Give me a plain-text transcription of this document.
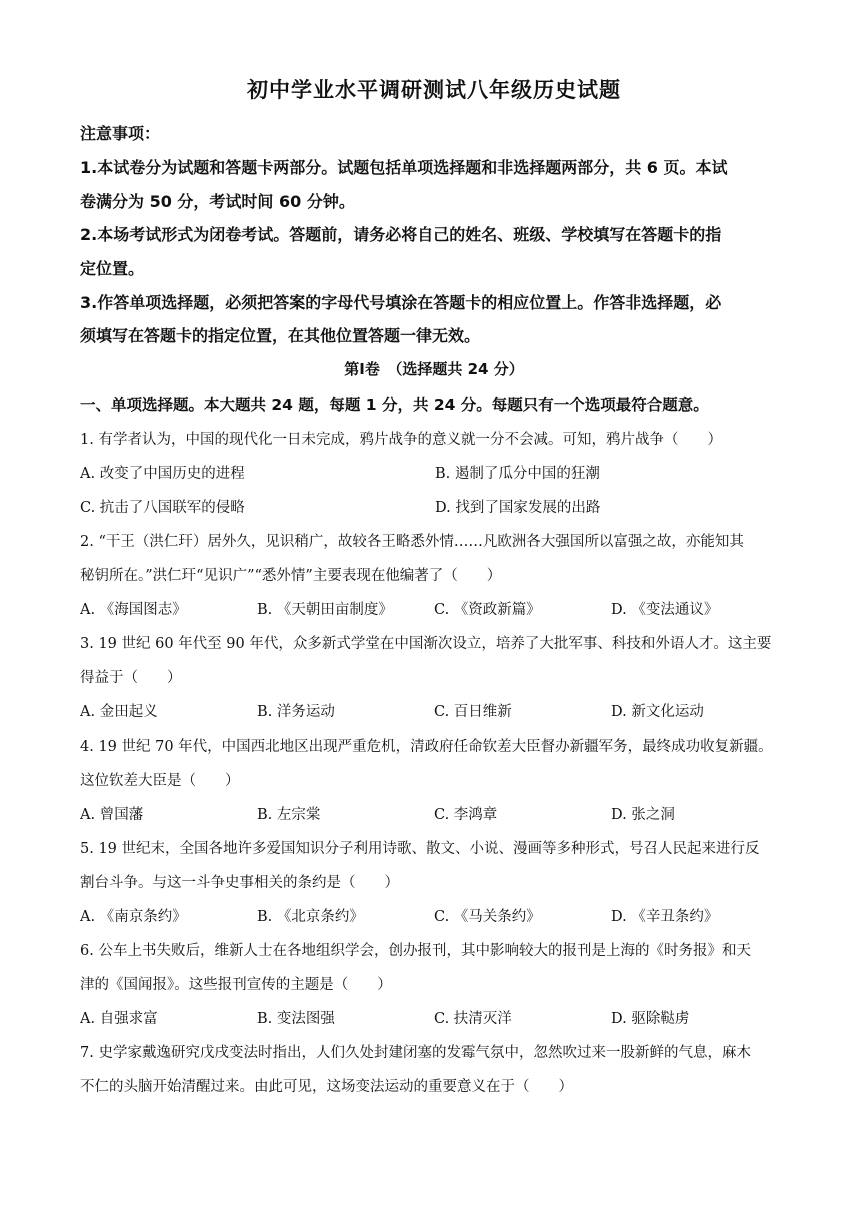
初中学业水平调研测试八年级历史试题
注意事项：
1.本试卷分为试题和答题卡两部分。试题包括单项选择题和非选择题两部分，共 6 页。本试
卷满分为 50 分，考试时间 60 分钟。
2.本场考试形式为闭卷考试。答题前，请务必将自己的姓名、班级、学校填写在答题卡的指
定位置。
3.作答单项选择题，必须把答案的字母代号填涂在答题卡的相应位置上。作答非选择题，必
须填写在答题卡的指定位置，在其他位置答题一律无效。
第Ⅰ卷　（选择题共 24 分）
一、单项选择题。本大题共 24 题，每题 1 分，共 24 分。每题只有一个选项最符合题意。
1. 有学者认为，中国的现代化一日未完成，鸦片战争的意义就一分不会减。可知，鸦片战争（　　）
A. 改变了中国历史的进程	B. 遏制了瓜分中国的狂潮
C. 抗击了八国联军的侵略	D. 找到了国家发展的出路
2. “干王（洪仁玕）居外久，见识稍广，故较各王略悉外情……凡欧洲各大强国所以富强之故，亦能知其
秘钥所在。”洪仁玕“见识广”“悉外情”主要表现在他编著了（　　）
A. 《海国图志》	B. 《天朝田亩制度》	C. 《资政新篇》	D. 《变法通议》
3. 19 世纪 60 年代至 90 年代，众多新式学堂在中国渐次设立，培养了大批军事、科技和外语人才。这主要
得益于（　　）
A. 金田起义	B. 洋务运动	C. 百日维新	D. 新文化运动
4. 19 世纪 70 年代，中国西北地区出现严重危机，清政府任命钦差大臣督办新疆军务，最终成功收复新疆。
这位钦差大臣是（　　）
A. 曾国藩	B. 左宗棠	C. 李鸿章	D. 张之洞
5. 19 世纪末，全国各地许多爱国知识分子利用诗歌、散文、小说、漫画等多种形式，号召人民起来进行反
割台斗争。与这一斗争史事相关的条约是（　　）
A. 《南京条约》	B. 《北京条约》	C. 《马关条约》	D. 《辛丑条约》
6. 公车上书失败后，维新人士在各地组织学会，创办报刊，其中影响较大的报刊是上海的《时务报》和天
津的《国闻报》。这些报刊宣传的主题是（　　）
A. 自强求富	B. 变法图强	C. 扶清灭洋	D. 驱除鞑虏
7. 史学家戴逸研究戊戌变法时指出，人们久处封建闭塞的发霉气氛中，忽然吹过来一股新鲜的气息，麻木
不仁的头脑开始清醒过来。由此可见，这场变法运动的重要意义在于（　　）
